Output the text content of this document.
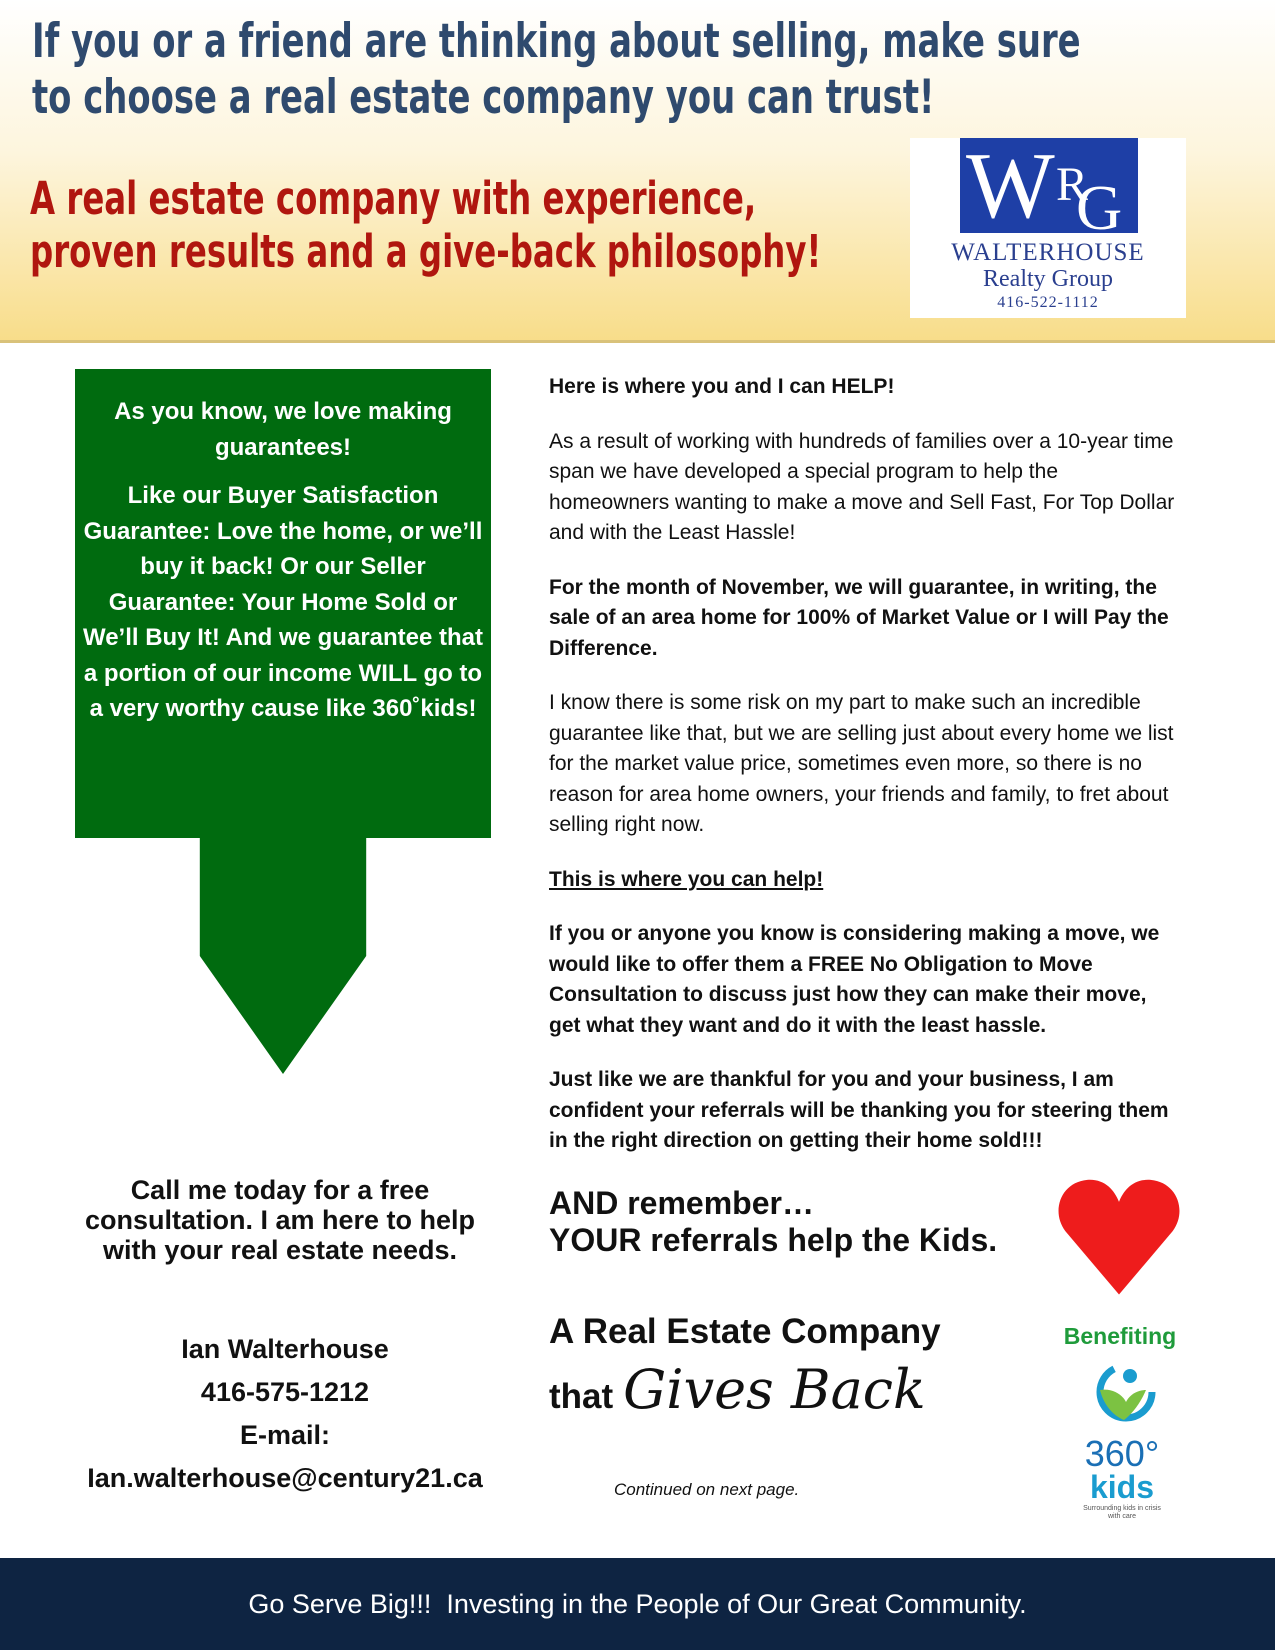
If you or a friend are thinking about selling, make sure
to choose a real estate company you can trust!
A real estate company with experience,
proven results and a give-back philosophy!
W R
G
WALTERHOUSE
Realty Group
416-522-1112

As you know, we love making guarantees!

Like our Buyer Satisfaction Guarantee: Love the home, or we’ll buy it back! Or our Seller Guarantee: Your Home Sold or We’ll Buy It! And we guarantee that a portion of our income WILL go to a very worthy cause like 360˚kids!

Call me today for a free consultation. I am here to help with your real estate needs.
Ian Walterhouse
416-575-1212
E-mail:
Ian.walterhouse@century21.ca

Here is where you and I can HELP!

As a result of working with hundreds of families over a 10-year time span we have developed a special program to help the homeowners wanting to make a move and Sell Fast, For Top Dollar and with the Least Hassle!

For the month of November, we will guarantee, in writing, the sale of an area home for 100% of Market Value or I will Pay the Difference.

I know there is some risk on my part to make such an incredible guarantee like that, but we are selling just about every home we list for the market value price, sometimes even more, so there is no reason for area home owners, your friends and family, to fret about selling right now.

This is where you can help!

If you or anyone you know is considering making a move, we would like to offer them a FREE No Obligation to Move Consultation to discuss just how they can make their move, get what they want and do it with the least hassle.

Just like we are thankful for you and your business, I am confident your referrals will be thanking you for steering them in the right direction on getting their home sold!!!

AND remember…
YOUR referrals help the Kids.
A Real Estate Company
that Gives Back
Continued on next page.
Benefiting
360°
kids
Surrounding kids in crisis with care
Go Serve Big!!!  Investing in the People of Our Great Community.
